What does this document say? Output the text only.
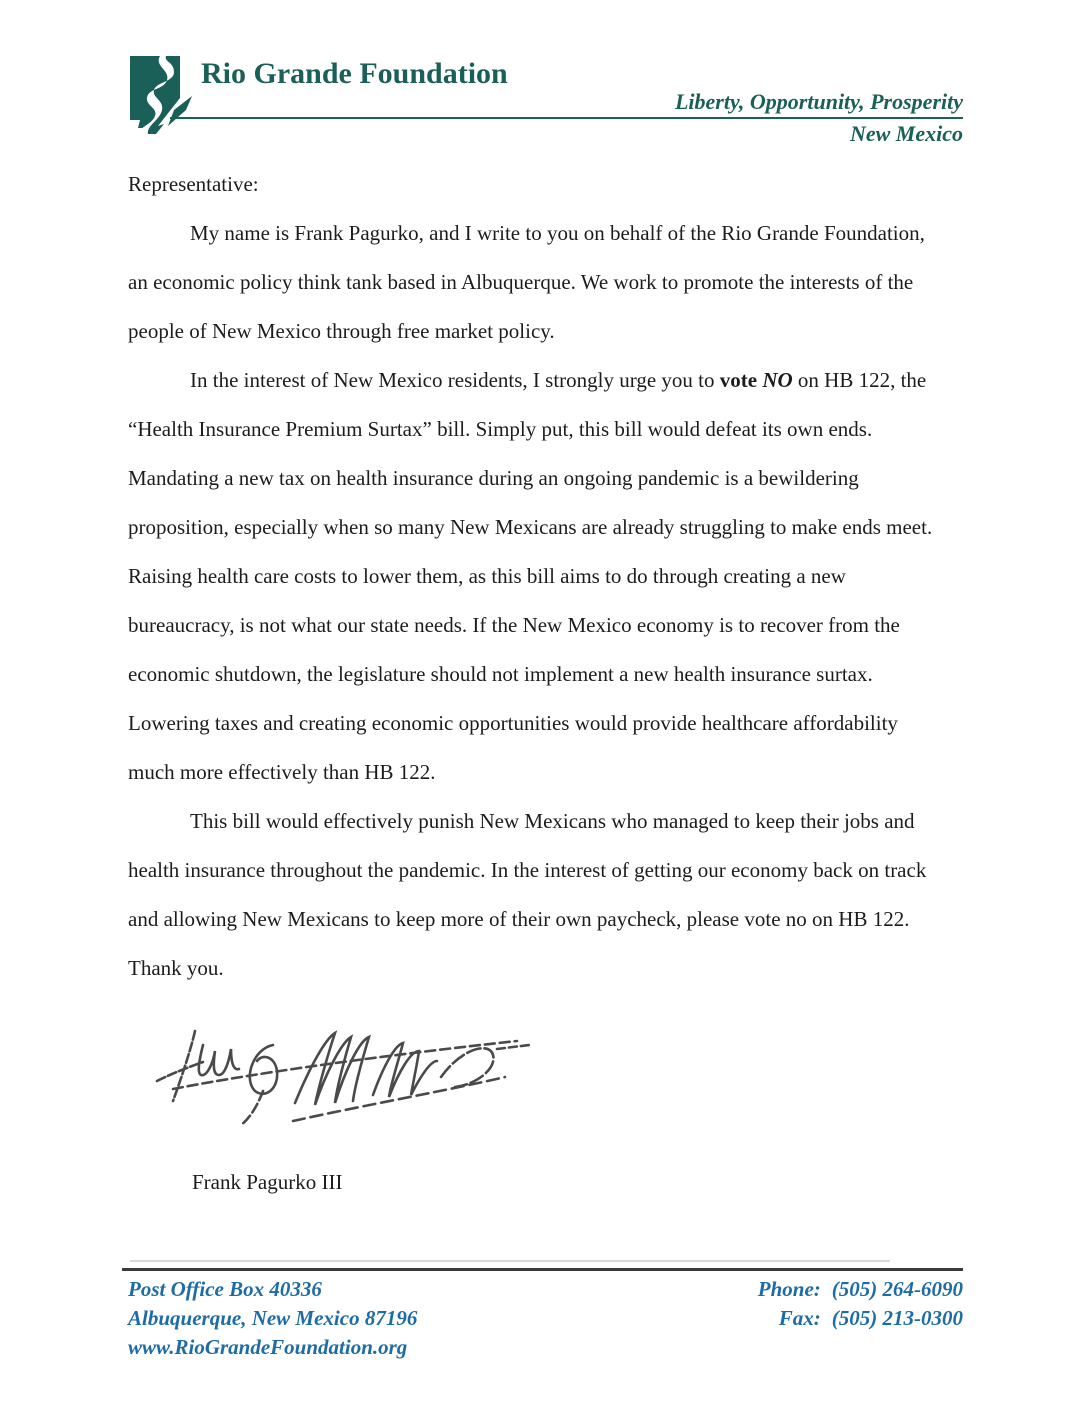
Rio Grande Foundation
Liberty, Opportunity, Prosperity
New Mexico
Representative:
My name is Frank Pagurko, and I write to you on behalf of the Rio Grande Foundation,
an economic policy think tank based in Albuquerque. We work to promote the interests of the
people of New Mexico through free market policy.
In the interest of New Mexico residents, I strongly urge you to vote NO on HB 122, the
“Health Insurance Premium Surtax” bill. Simply put, this bill would defeat its own ends.
Mandating a new tax on health insurance during an ongoing pandemic is a bewildering
proposition, especially when so many New Mexicans are already struggling to make ends meet.
Raising health care costs to lower them, as this bill aims to do through creating a new
bureaucracy, is not what our state needs. If the New Mexico economy is to recover from the
economic shutdown, the legislature should not implement a new health insurance surtax.
Lowering taxes and creating economic opportunities would provide healthcare affordability
much more effectively than HB 122.
This bill would effectively punish New Mexicans who managed to keep their jobs and
health insurance throughout the pandemic. In the interest of getting our economy back on track
and allowing New Mexicans to keep more of their own paycheck, please vote no on HB 122.
Thank you.
Frank Pagurko III
Post Office Box 40336
Albuquerque, New Mexico 87196
www.RioGrandeFoundation.org
Phone: (505) 264-6090
Fax: (505) 213-0300
